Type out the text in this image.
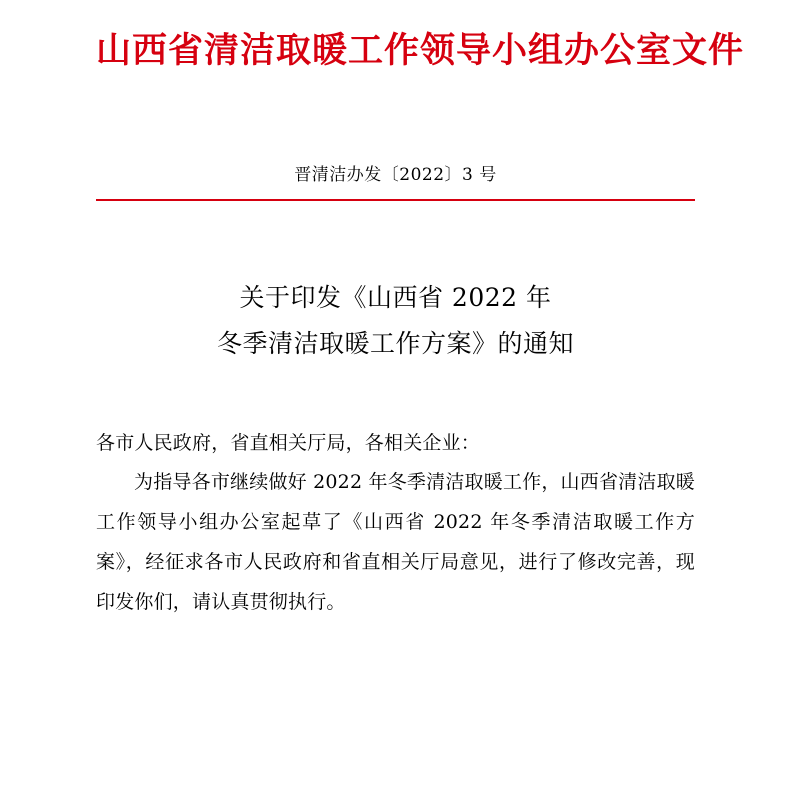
山西省清洁取暖工作领导小组办公室文件
晋清洁办发〔2022〕3 号
关于印发《山西省 2022 年
冬季清洁取暖工作方案》的通知

各市人民政府，省直相关厅局，各相关企业：

为指导各市继续做好 2022 年冬季清洁取暖工作，山西省清洁取暖工作领导小组办公室起草了《山西省 2022 年冬季清洁取暖工作方案》，经征求各市人民政府和省直相关厅局意见，进行了修改完善，现印发你们，请认真贯彻执行。
